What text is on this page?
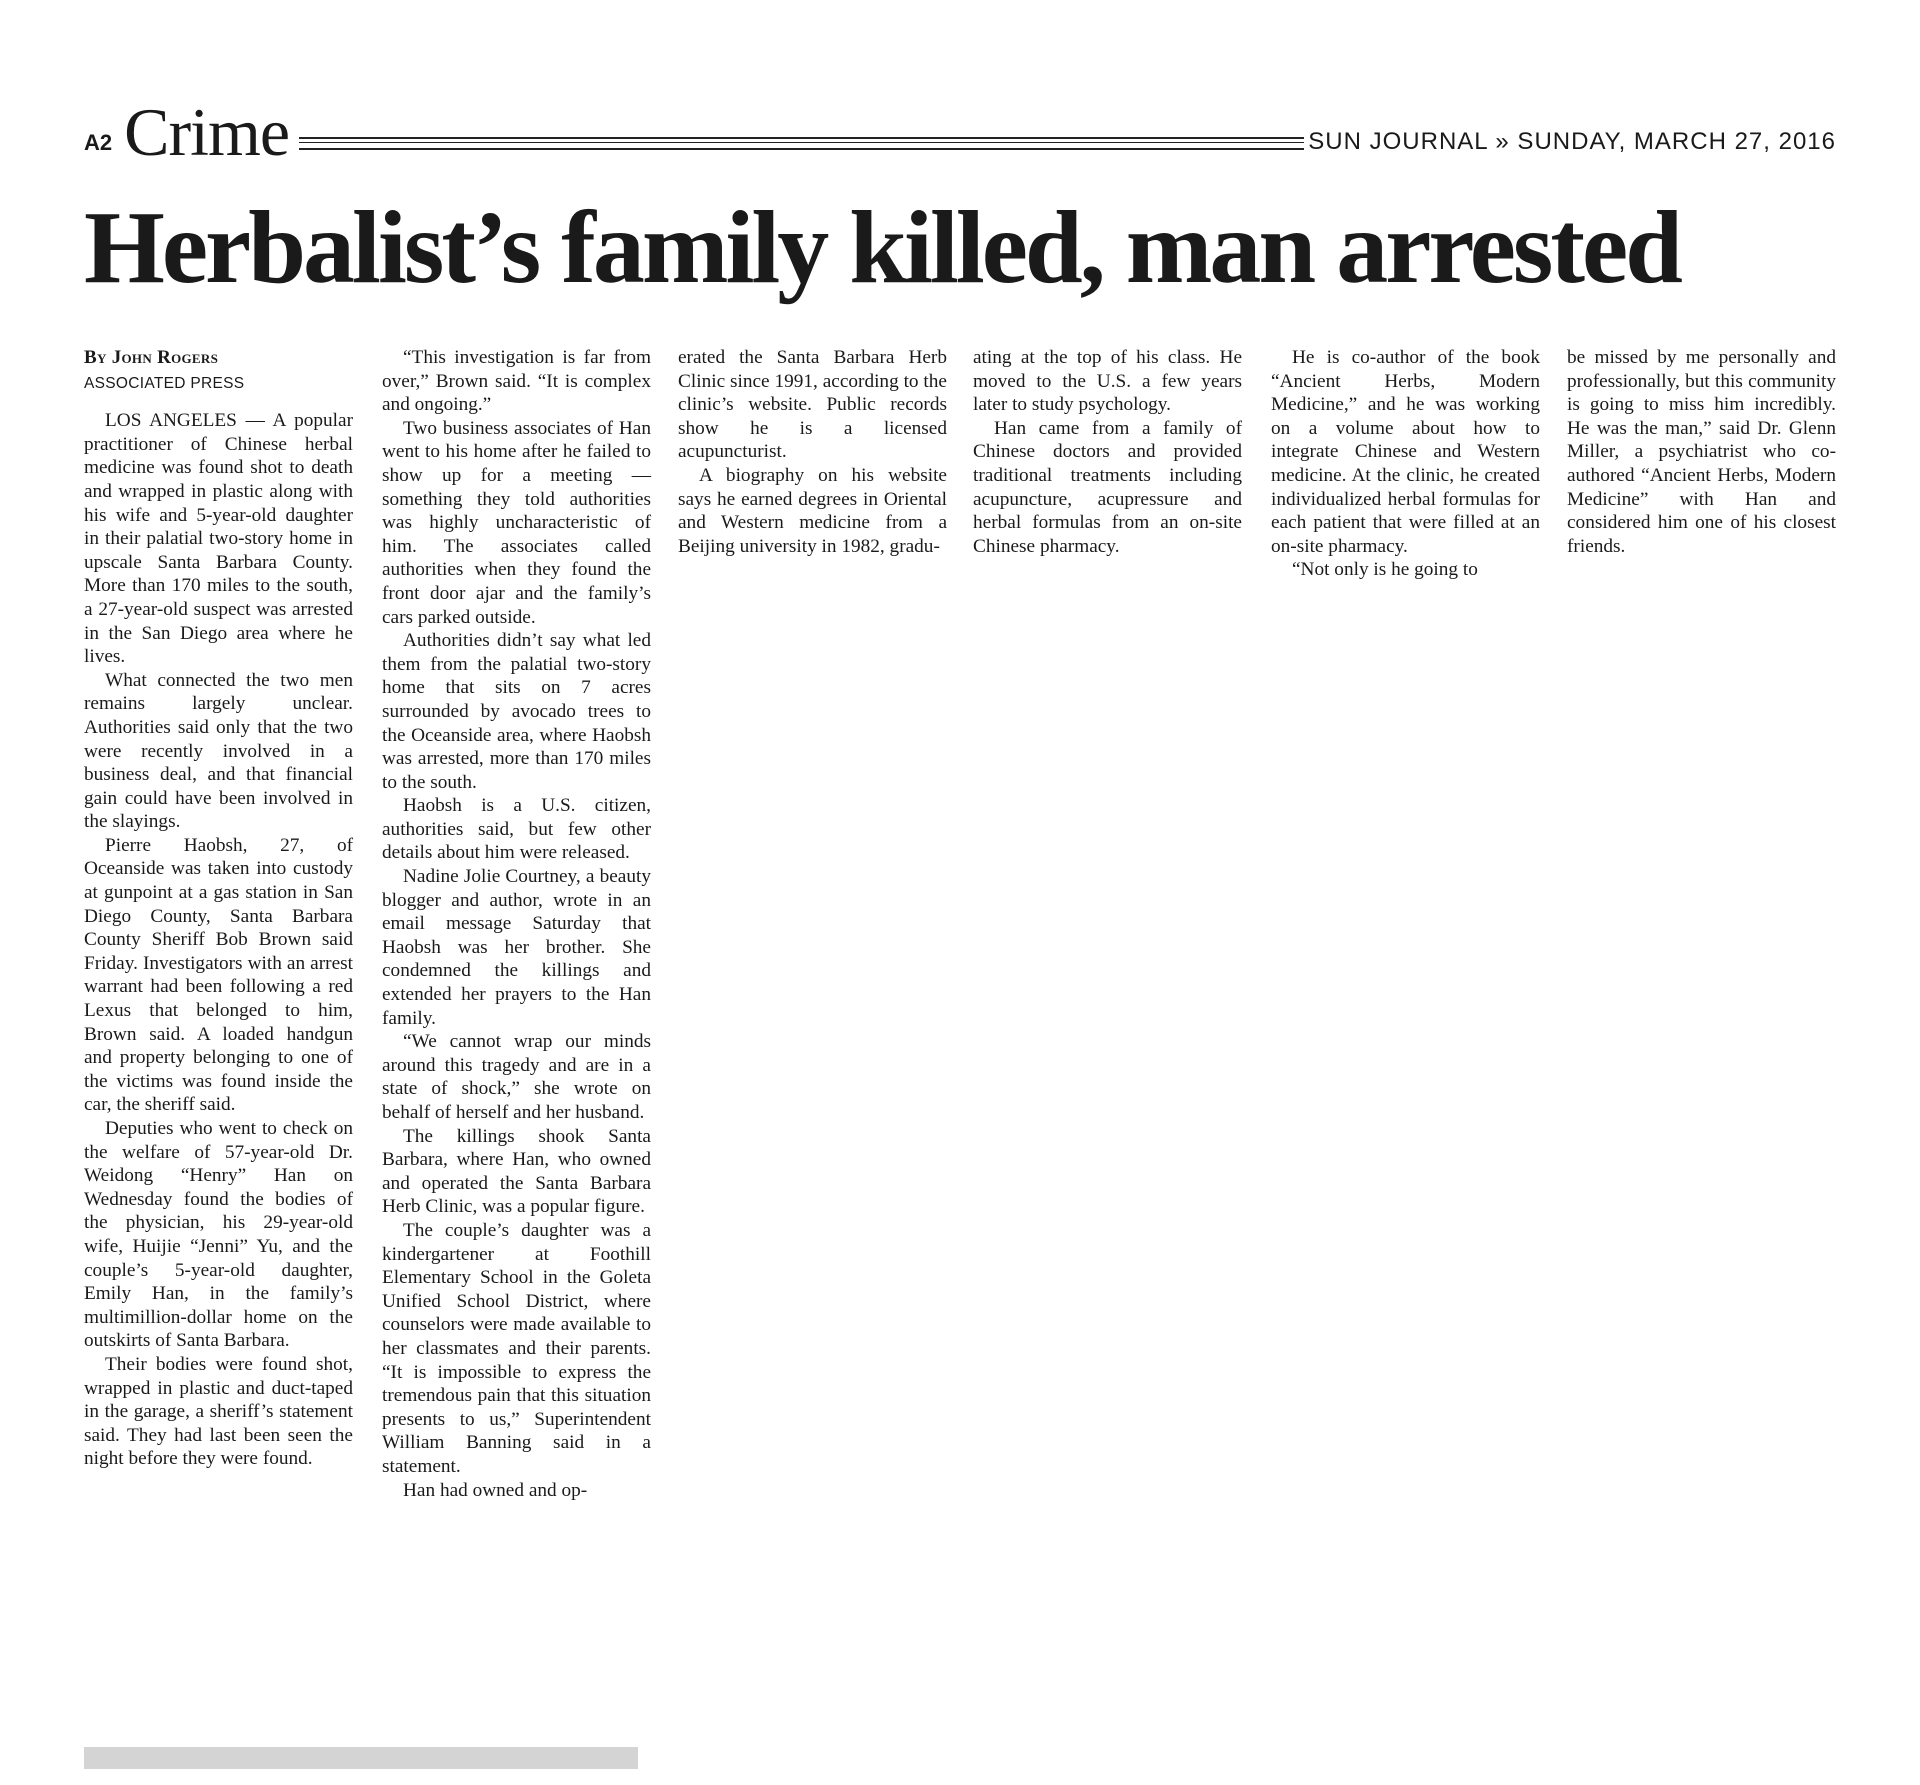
A2 Crime	SUN JOURNAL » SUNDAY, MARCH 27, 2016
Herbalist’s family killed, man arrested
By John Rogers
ASSOCIATED PRESS

LOS ANGELES — A popular practitioner of Chinese herbal medicine was found shot to death and wrapped in plastic along with his wife and 5-year-old daughter in their palatial two-story home in upscale Santa Barbara County. More than 170 miles to the south, a 27-year-old suspect was arrested in the San Diego area where he lives.

What connected the two men remains largely unclear. Authorities said only that the two were recently involved in a business deal, and that financial gain could have been involved in the slayings.

Pierre Haobsh, 27, of Oceanside was taken into custody at gunpoint at a gas station in San Diego County, Santa Barbara County Sheriff Bob Brown said Friday. Investigators with an arrest warrant had been following a red Lexus that belonged to him, Brown said. A loaded handgun and property belonging to one of the victims was found inside the car, the sheriff said.

Deputies who went to check on the welfare of 57-year-old Dr. Weidong “Henry” Han on Wednesday found the bodies of the physician, his 29-year-old wife, Huijie “Jenni” Yu, and the couple’s 5-year-old daughter, Emily Han, in the family’s multimillion-dollar home on the outskirts of Santa Barbara.

Their bodies were found shot, wrapped in plastic and duct-taped in the garage, a sheriff’s statement said. They had last been seen the night before they were found.

“This investigation is far from over,” Brown said. “It is complex and ongoing.”

Two business associates of Han went to his home after he failed to show up for a meeting — something they told authorities was highly uncharacteristic of him. The associates called authorities when they found the front door ajar and the family’s cars parked outside.

Authorities didn’t say what led them from the palatial two-story home that sits on 7 acres surrounded by avocado trees to the Oceanside area, where Haobsh was arrested, more than 170 miles to the south.

Haobsh is a U.S. citizen, authorities said, but few other details about him were released.

Nadine Jolie Courtney, a beauty blogger and author, wrote in an email message Saturday that Haobsh was her brother. She condemned the killings and extended her prayers to the Han family.

“We cannot wrap our minds around this tragedy and are in a state of shock,” she wrote on behalf of herself and her husband.

The killings shook Santa Barbara, where Han, who owned and operated the Santa Barbara Herb Clinic, was a popular figure.

The couple’s daughter was a kindergartener at Foothill Elementary School in the Goleta Unified School District, where counselors were made available to her classmates and their parents. “It is impossible to express the tremendous pain that this situation presents to us,” Superintendent William Banning said in a statement.

Han had owned and op-

erated the Santa Barbara Herb Clinic since 1991, according to the clinic’s website. Public records show he is a licensed acupuncturist.

A biography on his website says he earned degrees in Oriental and Western medicine from a Beijing university in 1982, gradu-

ating at the top of his class. He moved to the U.S. a few years later to study psychology.

Han came from a family of Chinese doctors and provided traditional treatments including acupuncture, acupressure and herbal formulas from an on-site Chinese pharmacy.

He is co-author of the book “Ancient Herbs, Modern Medicine,” and he was working on a volume about how to integrate Chinese and Western medicine. At the clinic, he created individualized herbal formulas for each patient that were filled at an on-site pharmacy.

“Not only is he going to

be missed by me personally and professionally, but this community is going to miss him incredibly. He was the man,” said Dr. Glenn Miller, a psychiatrist who co-authored “Ancient Herbs, Modern Medicine” with Han and considered him one of his closest friends.
